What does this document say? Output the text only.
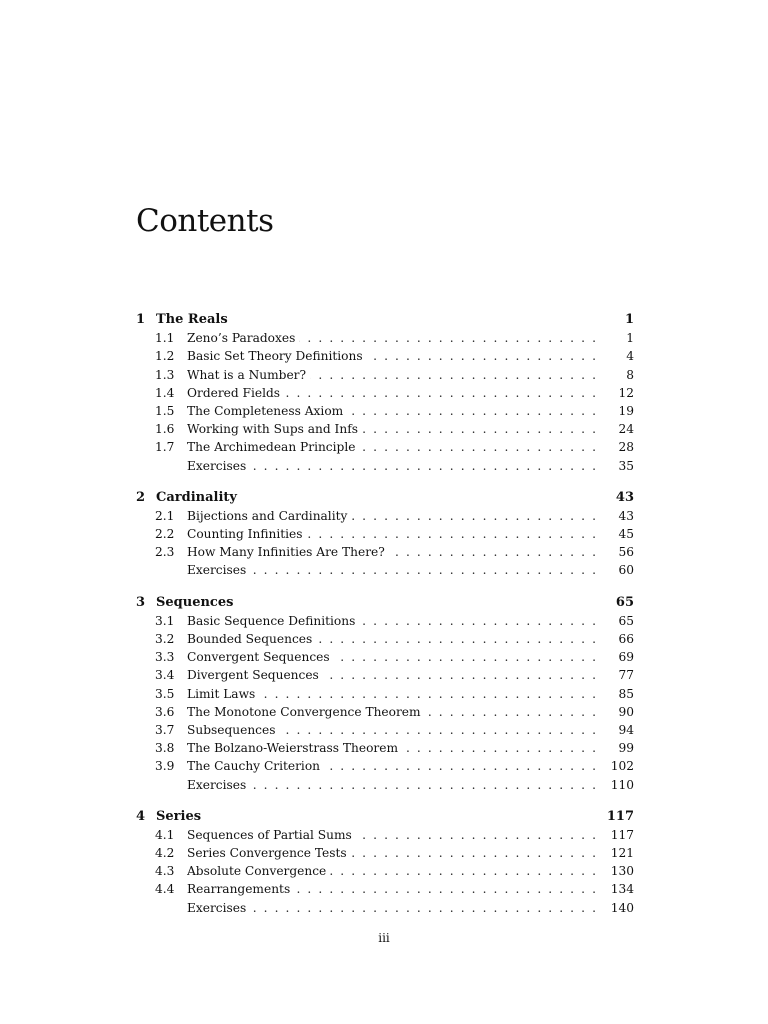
Contents
1 The Reals	1
1.1 Zeno’s Paradoxes . . .	1
1.2 Basic Set Theory Definitions . . .	4
1.3 What is a Number? . . .	8
1.4 Ordered Fields . . .	12
1.5 The Completeness Axiom . . .	19
1.6 Working with Sups and Infs . . .	24
1.7 The Archimedean Principle . . .	28
Exercises . . .	35
2 Cardinality	43
2.1 Bijections and Cardinality . . .	43
2.2 Counting Infinities . . .	45
2.3 How Many Infinities Are There? . . .	56
Exercises . . .	60
3 Sequences	65
3.1 Basic Sequence Definitions . . .	65
3.2 Bounded Sequences . . .	66
3.3 Convergent Sequences . . .	69
3.4 Divergent Sequences . . .	77
3.5 Limit Laws . . .	85
3.6 The Monotone Convergence Theorem . . .	90
3.7 Subsequences . . .	94
3.8 The Bolzano-Weierstrass Theorem . . .	99
3.9 The Cauchy Criterion . . .	102
Exercises . . .	110
4 Series	117
4.1 Sequences of Partial Sums . . .	117
4.2 Series Convergence Tests . . .	121
4.3 Absolute Convergence . . .	130
4.4 Rearrangements . . .	134
Exercises . . .	140
iii
